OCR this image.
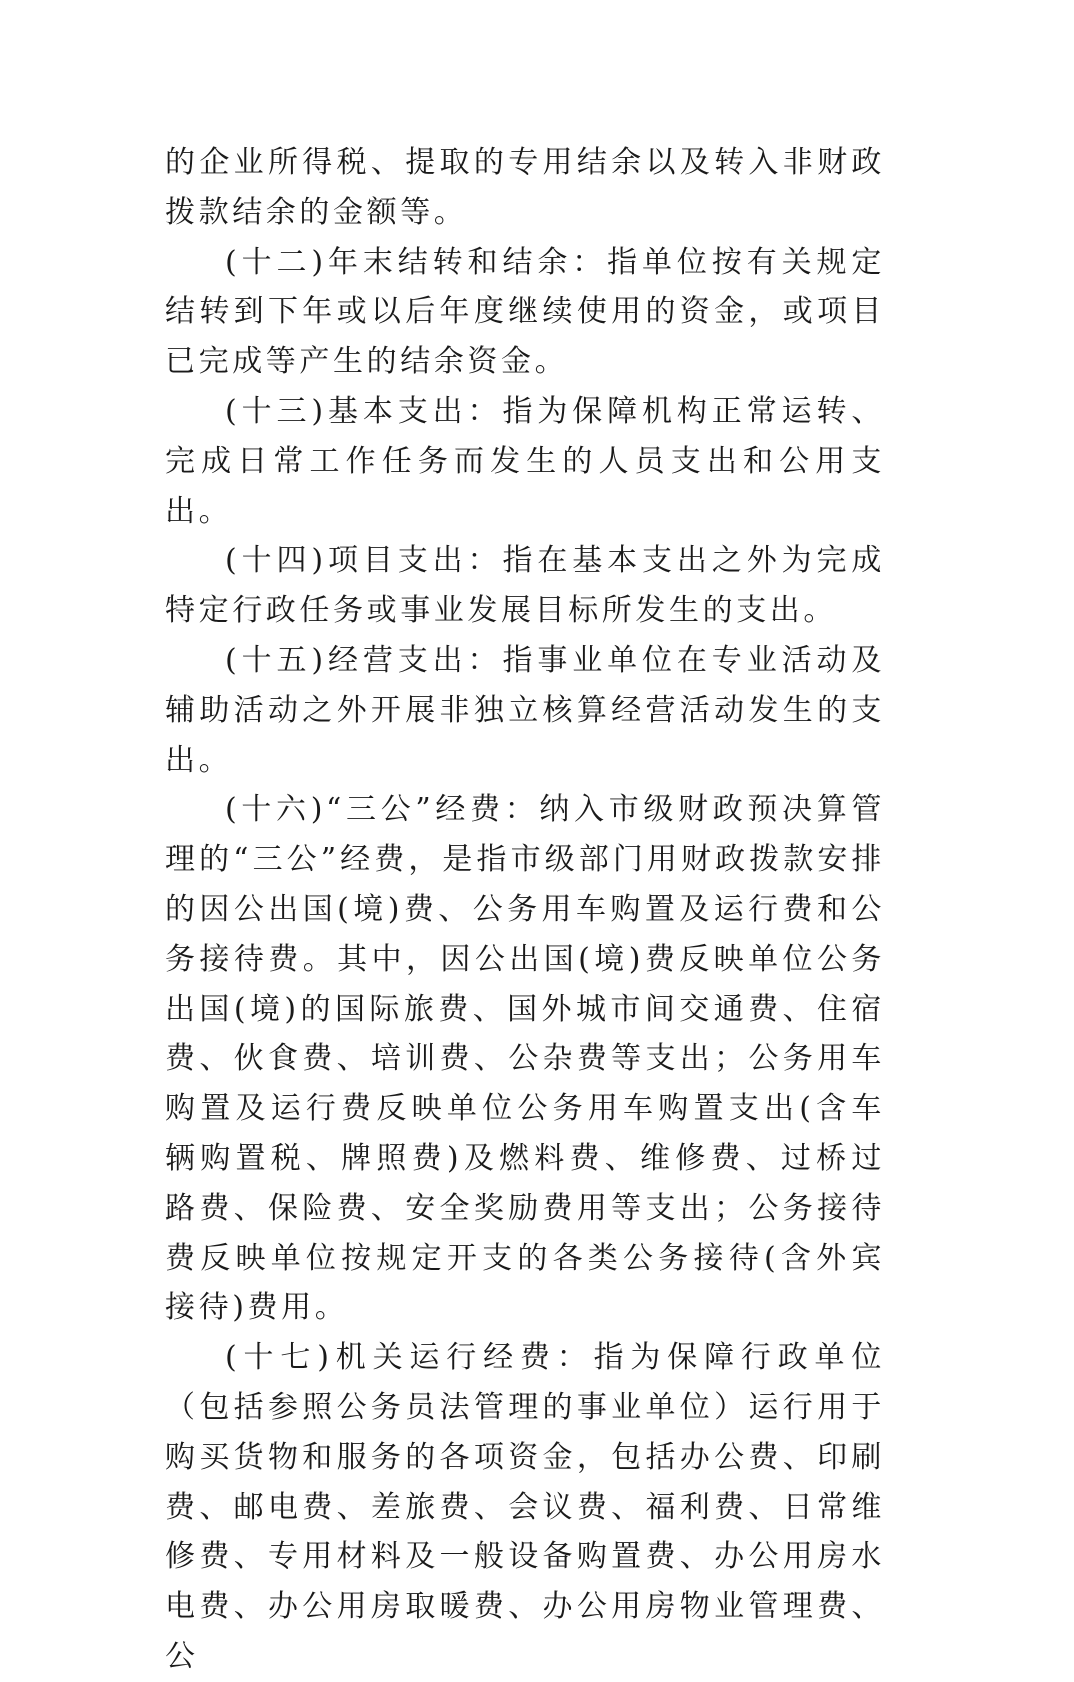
的企业所得税、提取的专用结余以及转入非财政拨款结余的金额等。

(十二)年末结转和结余：指单位按有关规定结转到下年或以后年度继续使用的资金，或项目已完成等产生的结余资金。

(十三)基本支出：指为保障机构正常运转、完成日常工作任务而发生的人员支出和公用支出。

(十四)项目支出：指在基本支出之外为完成特定行政任务或事业发展目标所发生的支出。

(十五)经营支出：指事业单位在专业活动及辅助活动之外开展非独立核算经营活动发生的支出。

(十六)“三公”经费：纳入市级财政预决算管理的“三公”经费，是指市级部门用财政拨款安排的因公出国(境)费、公务用车购置及运行费和公务接待费。其中，因公出国(境)费反映单位公务出国(境)的国际旅费、国外城市间交通费、住宿费、伙食费、培训费、公杂费等支出；公务用车购置及运行费反映单位公务用车购置支出(含车辆购置税、牌照费)及燃料费、维修费、过桥过路费、保险费、安全奖励费用等支出；公务接待费反映单位按规定开支的各类公务接待(含外宾接待)费用。

(十七)机关运行经费：指为保障行政单位（包括参照公务员法管理的事业单位）运行用于购买货物和服务的各项资金，包括办公费、印刷费、邮电费、差旅费、会议费、福利费、日常维修费、专用材料及一般设备购置费、办公用房水电费、办公用房取暖费、办公用房物业管理费、公
